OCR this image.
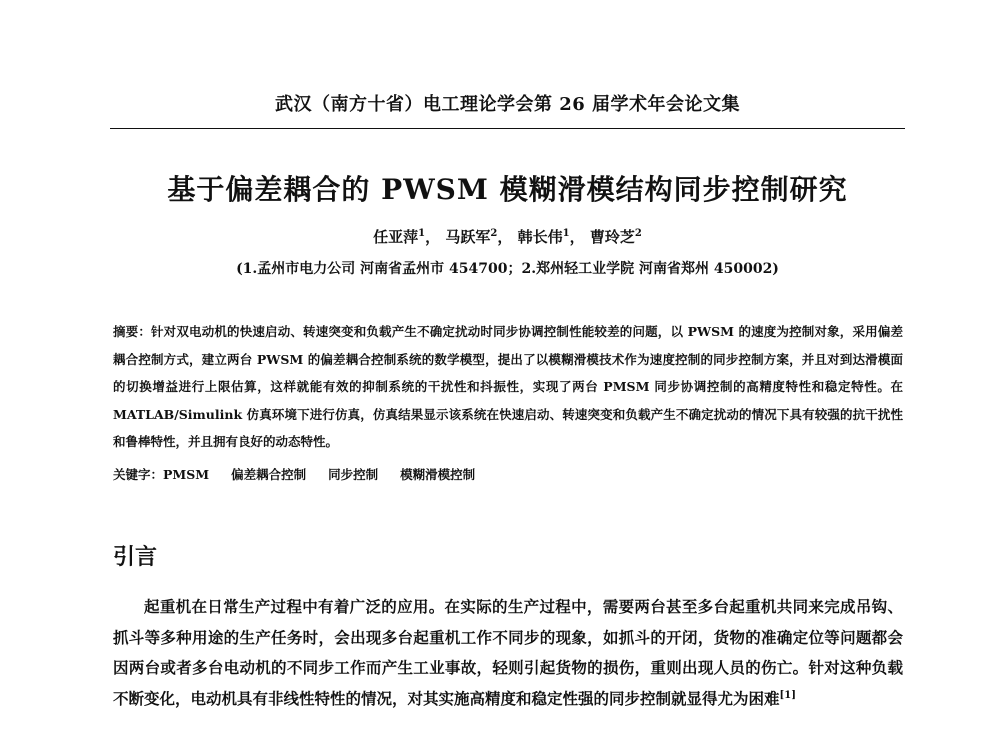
武汉（南方十省）电工理论学会第 26 届学术年会论文集
基于偏差耦合的 PWSM 模糊滑模结构同步控制研究
任亚萍$^1$， 马跃军$^2$， 韩长伟$^1$， 曹玲芝$^2$
(1.孟州市电力公司 河南省孟州市 454700；2.郑州轻工业学院 河南省郑州 450002)
摘要：针对双电动机的快速启动、转速突变和负载产生不确定扰动时同步协调控制性能较差的问题，以 PWSM 的速度为控制对象，采用偏差耦合控制方式，建立两台 PWSM 的偏差耦合控制系统的数学模型，提出了以模糊滑模技术作为速度控制的同步控制方案，并且对到达滑模面的切换增益进行上限估算，这样就能有效的抑制系统的干扰性和抖振性，实现了两台 PMSM 同步协调控制的高精度特性和稳定特性。在 MATLAB/Simulink 仿真环境下进行仿真，仿真结果显示该系统在快速启动、转速突变和负载产生不确定扰动的情况下具有较强的抗干扰性和鲁棒特性，并且拥有良好的动态特性。
关键字：PMSM 偏差耦合控制 同步控制 模糊滑模控制
引言
起重机在日常生产过程中有着广泛的应用。在实际的生产过程中，需要两台甚至多台起重机共同来完成吊钩、抓斗等多种用途的生产任务时，会出现多台起重机工作不同步的现象，如抓斗的开闭，货物的准确定位等问题都会因两台或者多台电动机的不同步工作而产生工业事故，轻则引起货物的损伤，重则出现人员的伤亡。针对这种负载不断变化，电动机具有非线性特性的情况，对其实施高精度和稳定性强的同步控制就显得尤为困难[1]
